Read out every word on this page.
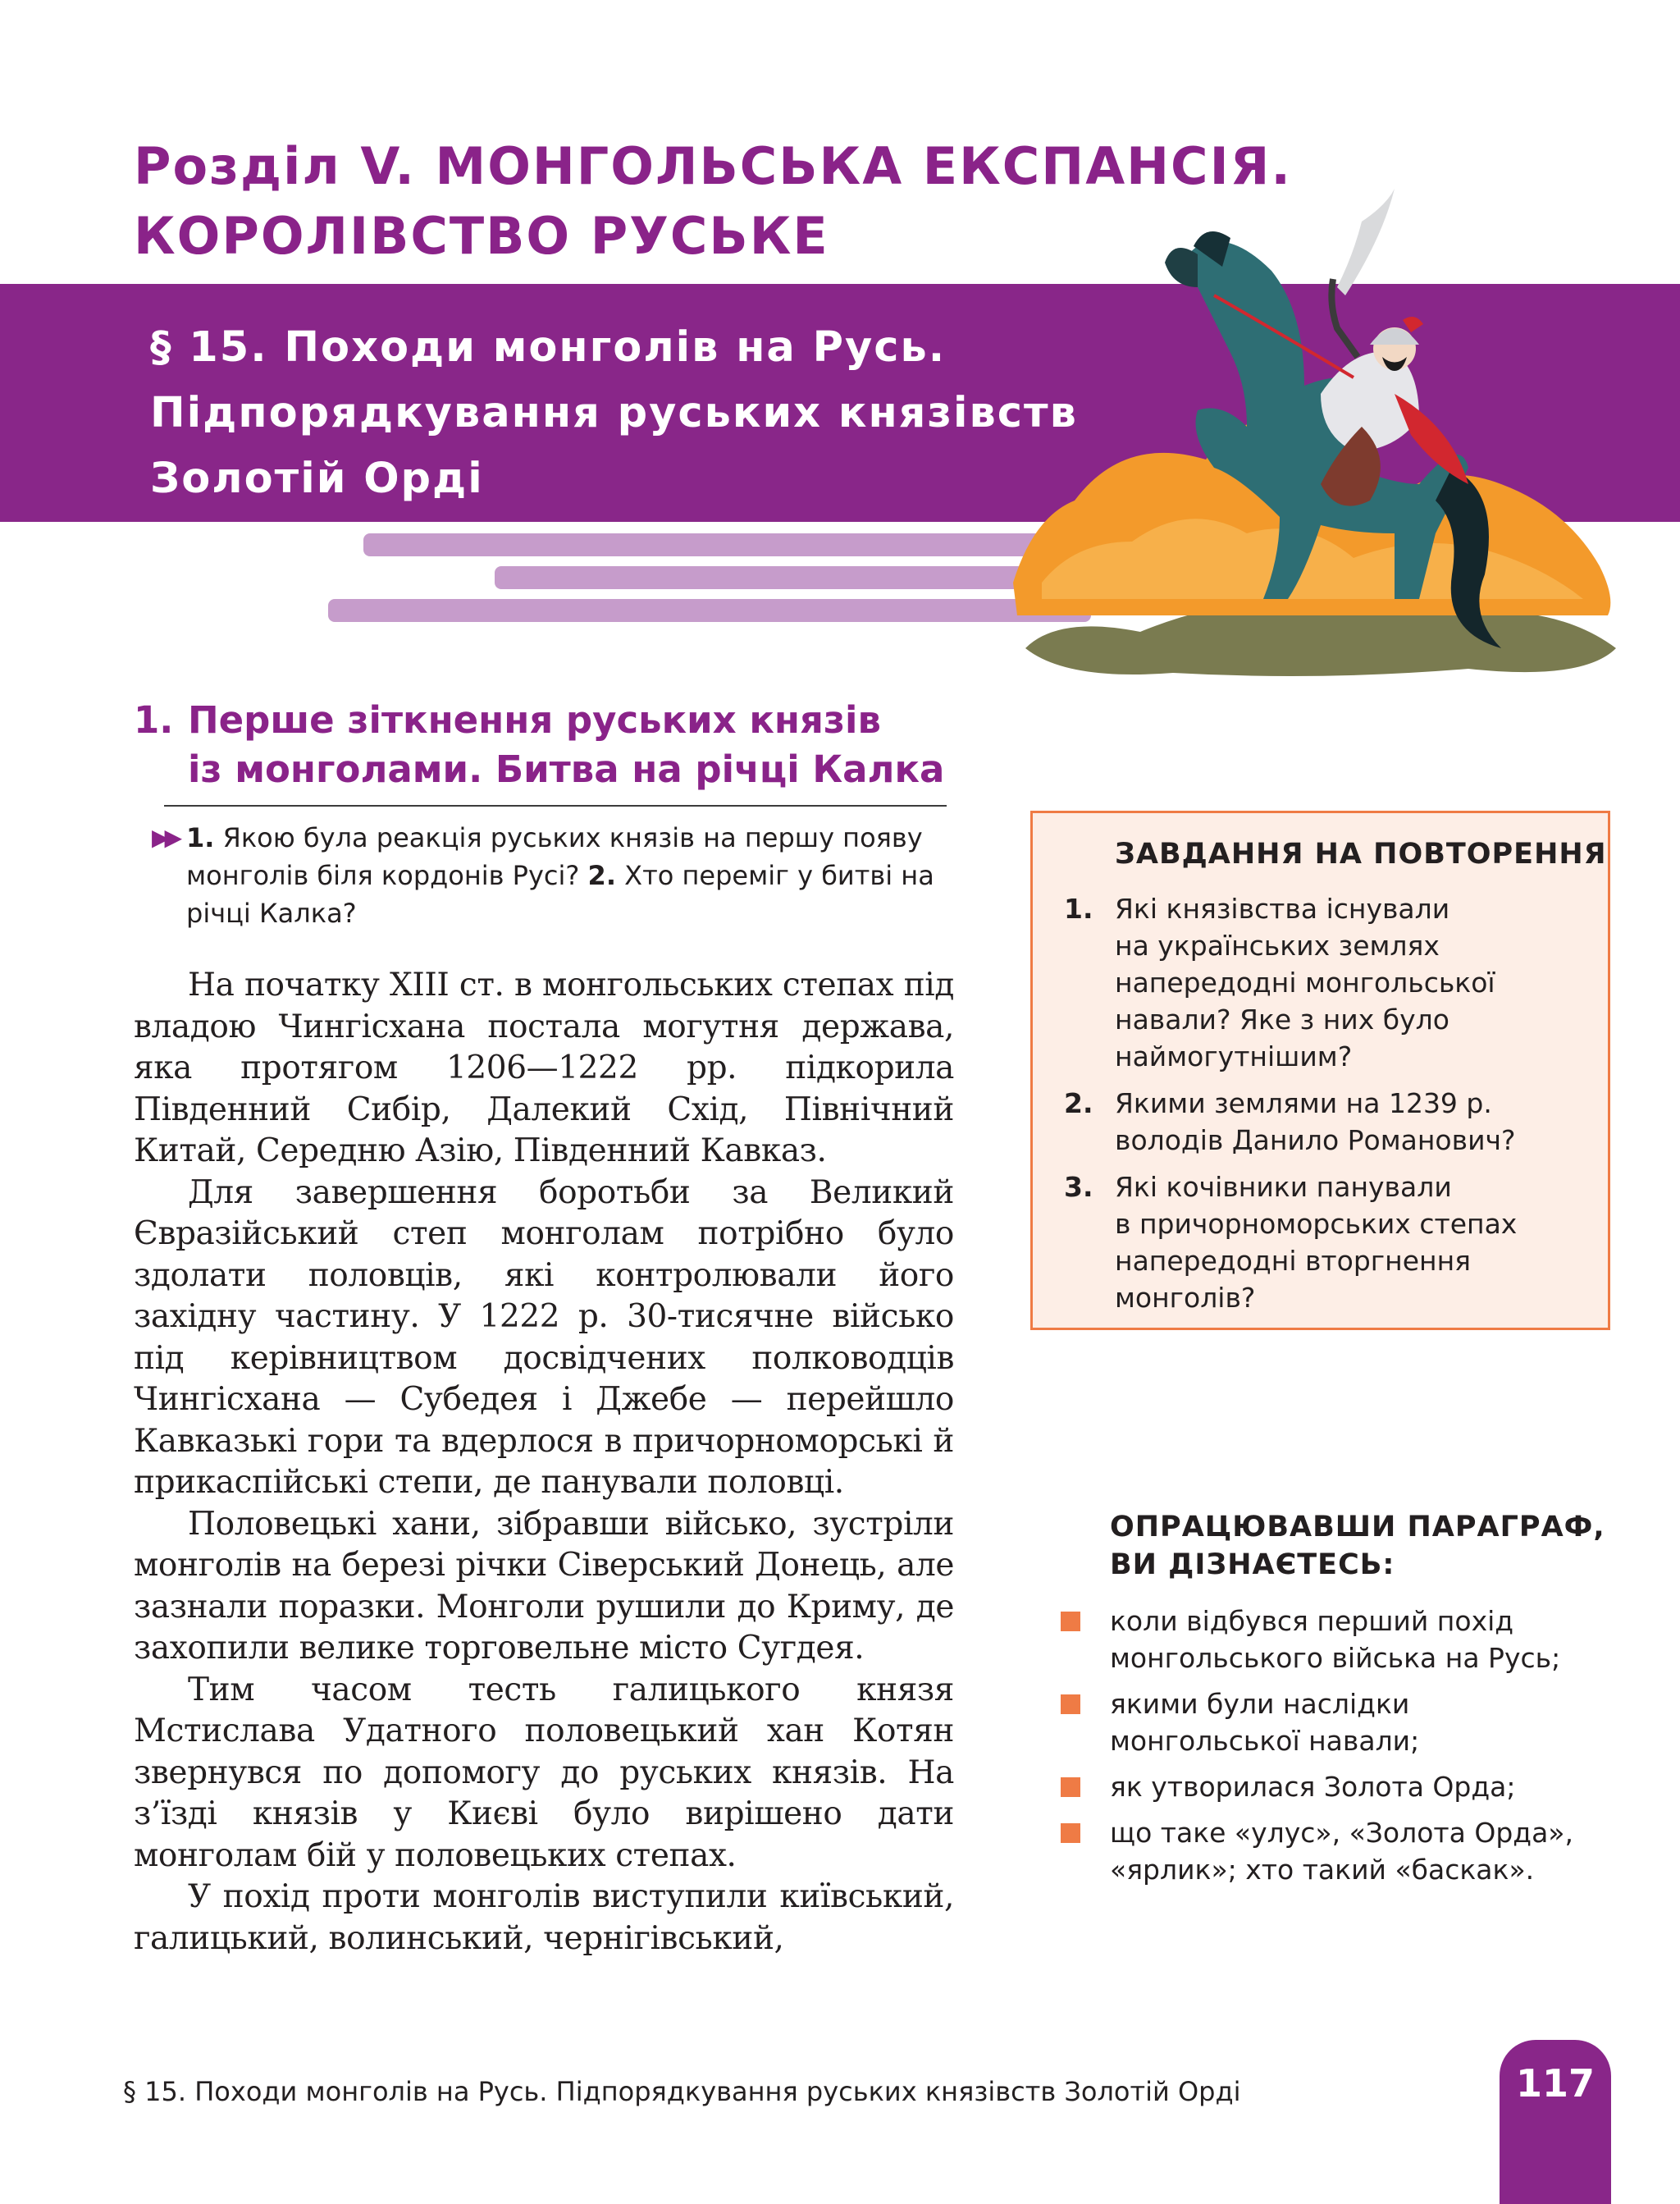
Розділ V. МОНГОЛЬСЬКА ЕКСПАНСІЯ.
КОРОЛІВСТВО РУСЬКЕ
§ 15. Походи монголів на Русь.
Підпорядкування руських князівств
Золотій Орді
1. Перше зіткнення руських князів
із монголами. Битва на річці Калка
▶▶ 1. Якою була реакція руських князів на першу появу монголів біля кордонів Русі? 2. Хто переміг у битві на річці Калка?

На початку XIII ст. в монгольських степах під владою Чингісхана постала могутня держава, яка протягом 1206—1222 рр. підкорила Південний Сибір, Далекий Схід, Північний Китай, Середню Азію, Південний Кавказ.

Для завершення боротьби за Великий Євразійський степ монголам потрібно було здолати половців, які контролювали його західну частину. У 1222 р. 30-тисячне військо під керівництвом досвідчених полководців Чингісхана — Субедея і Джебе — перейшло Кавказькі гори та вдерлося в причорноморські й прикаспійські степи, де панували половці.

Половецькі хани, зібравши військо, зустріли монголів на березі річки Сіверський Донець, але зазнали поразки. Монголи рушили до Криму, де захопили велике торговельне місто Сугдея.

Тим часом тесть галицького князя Мстислава Удатного половецький хан Котян звернувся по допомогу до руських князів. На з’їзді князів у Києві було вирішено дати монголам бій у половецьких степах.

У похід проти монголів виступили київський, галицький, волинський, чернігівський,

ЗАВДАННЯ НА ПОВТОРЕННЯ
1. Які князівства існували
на українських землях
напередодні монгольської
навали? Яке з них було
наймогутнішим?
2. Якими землями на 1239 р.
володів Данило Романович?
3. Які кочівники панували
в причорноморських степах
напередодні вторгнення
монголів?
ОПРАЦЮВАВШИ ПАРАГРАФ,
ВИ ДІЗНАЄТЕСЬ:
коли відбувся перший похід
монгольського війська на Русь;
якими були наслідки
монгольської навали;
як утворилася Золота Орда;
що таке «улус», «Золота Орда»,
«ярлик»; хто такий «баскак».

§ 15. Походи монголів на Русь. Підпорядкування руських князівств Золотій Орді	117
